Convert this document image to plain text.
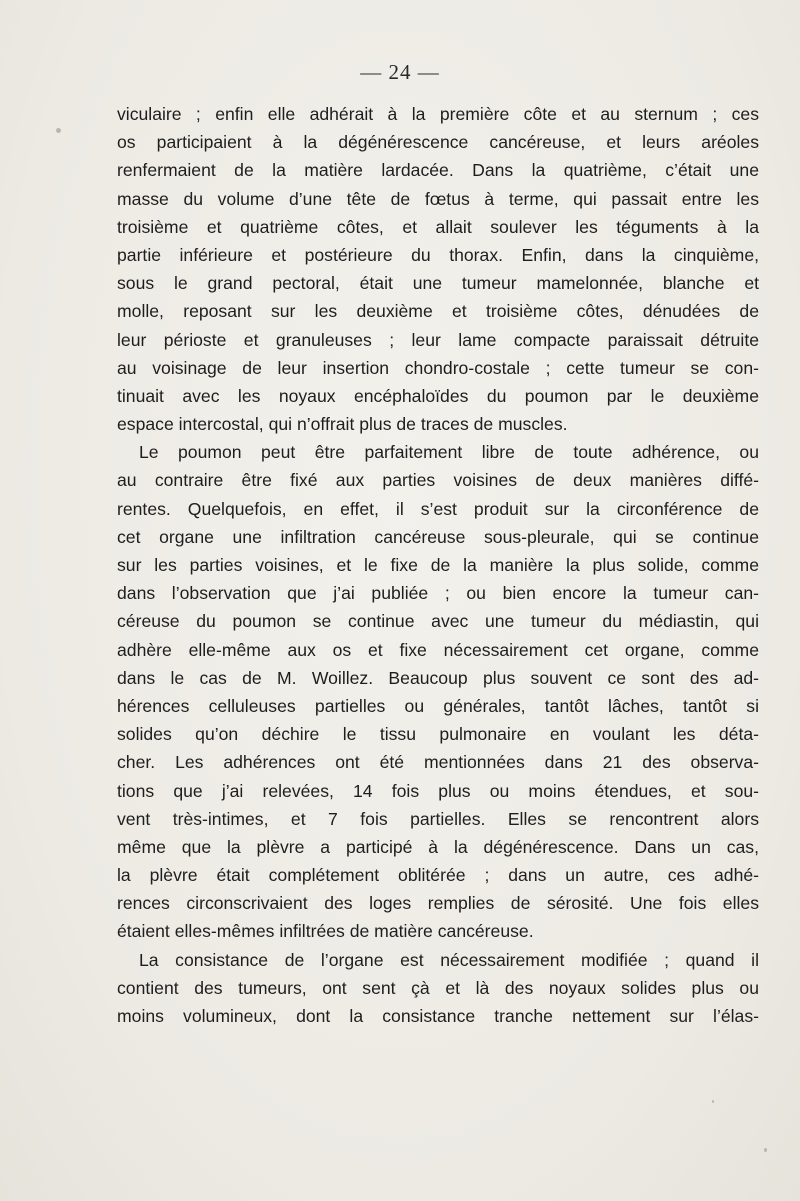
— 24 —
viculaire ; enfin elle adhérait à la première côte et au sternum ; ces
os participaient à la dégénérescence cancéreuse, et leurs aréoles
renfermaient de la matière lardacée. Dans la quatrième, c’était une
masse du volume d’une tête de fœtus à terme, qui passait entre les
troisième et quatrième côtes, et allait soulever les téguments à la
partie inférieure et postérieure du thorax. Enfin, dans la cinquième,
sous le grand pectoral, était une tumeur mamelonnée, blanche et
molle, reposant sur les deuxième et troisième côtes, dénudées de
leur périoste et granuleuses ; leur lame compacte paraissait détruite
au voisinage de leur insertion chondro-costale ; cette tumeur se con-
tinuait avec les noyaux encéphaloïdes du poumon par le deuxième
espace intercostal, qui n’offrait plus de traces de muscles.
Le poumon peut être parfaitement libre de toute adhérence, ou
au contraire être fixé aux parties voisines de deux manières diffé-
rentes. Quelquefois, en effet, il s’est produit sur la circonférence de
cet organe une infiltration cancéreuse sous-pleurale, qui se continue
sur les parties voisines, et le fixe de la manière la plus solide, comme
dans l’observation que j’ai publiée ; ou bien encore la tumeur can-
céreuse du poumon se continue avec une tumeur du médiastin, qui
adhère elle-même aux os et fixe nécessairement cet organe, comme
dans le cas de M. Woillez. Beaucoup plus souvent ce sont des ad-
hérences celluleuses partielles ou générales, tantôt lâches, tantôt si
solides qu’on déchire le tissu pulmonaire en voulant les déta-
cher. Les adhérences ont été mentionnées dans 21 des observa-
tions que j’ai relevées, 14 fois plus ou moins étendues, et sou-
vent très-intimes, et 7 fois partielles. Elles se rencontrent alors
même que la plèvre a participé à la dégénérescence. Dans un cas,
la plèvre était complétement oblitérée ; dans un autre, ces adhé-
rences circonscrivaient des loges remplies de sérosité. Une fois elles
étaient elles-mêmes infiltrées de matière cancéreuse.
La consistance de l’organe est nécessairement modifiée ; quand il
contient des tumeurs, ont sent çà et là des noyaux solides plus ou
moins volumineux, dont la consistance tranche nettement sur l’élas-
